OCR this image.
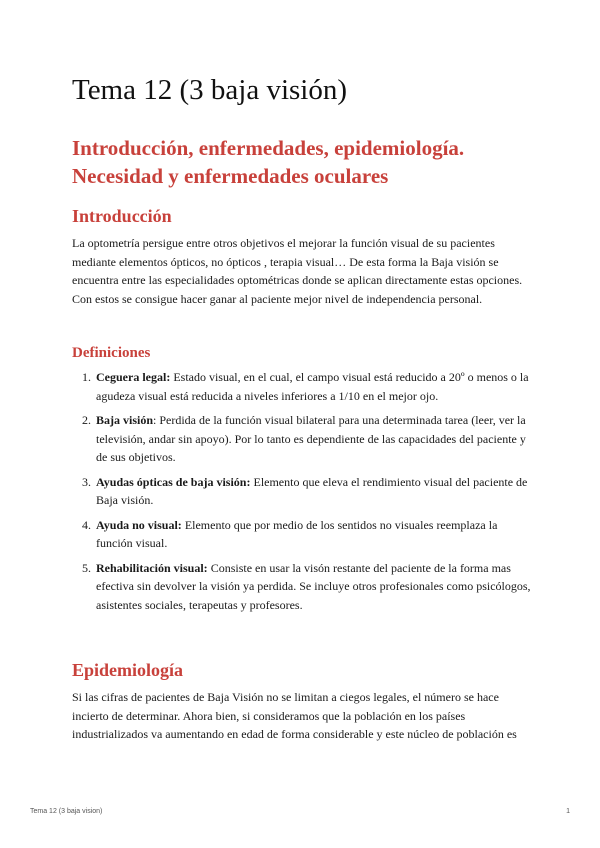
Tema 12 (3 baja visión)
Introducción, enfermedades, epidemiología. Necesidad y enfermedades oculares
Introducción

La optometría persigue entre otros objetivos el mejorar la función visual de su pacientes mediante elementos ópticos, no ópticos , terapia visual… De esta forma la Baja visión se encuentra entre las especialidades optométricas donde se aplican directamente estas opciones. Con estos se consigue hacer ganar al paciente mejor nivel de independencia personal.

Definiciones
1. Ceguera legal: Estado visual, en el cual, el campo visual está reducido a 20º o menos o la agudeza visual está reducida a niveles inferiores a 1/10 en el mejor ojo.
2. Baja visión: Perdida de la función visual bilateral para una determinada tarea (leer, ver la televisión, andar sin apoyo). Por lo tanto es dependiente de las capacidades del paciente y de sus objetivos.
3. Ayudas ópticas de baja visión: Elemento que eleva el rendimiento visual del paciente de Baja visión.
4. Ayuda no visual: Elemento que por medio de los sentidos no visuales reemplaza la función visual.
5. Rehabilitación visual: Consiste en usar la visón restante del paciente de la forma mas efectiva sin devolver la visión ya perdida. Se incluye otros profesionales como psicólogos, asistentes sociales, terapeutas y profesores.
Epidemiología

Si las cifras de pacientes de Baja Visión no se limitan a ciegos legales, el número se hace incierto de determinar. Ahora bien, si consideramos que la población en los países industrializados va aumentando en edad de forma considerable y este núcleo de población es

Tema 12 (3 baja vision)	1
